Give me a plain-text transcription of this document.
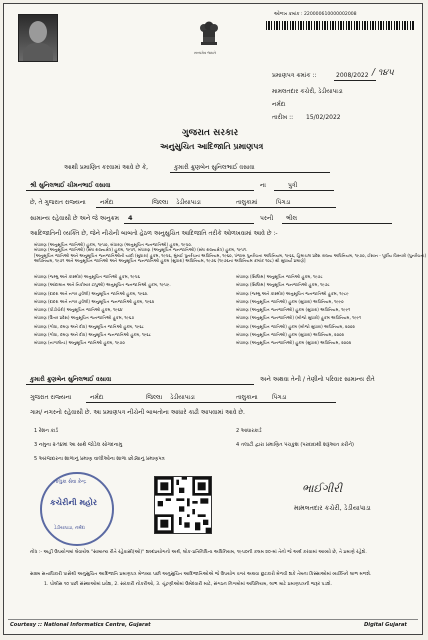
સત્યમેવ જયતે
ઓળખ ક્રમાંક : 220000610000002008
પ્રમાણપત્ર ક્રમાંક ::	2008/2022 / ૧૪૫
મામલતદાર કચેરી, ડેડીયાપાડા
નર્મદા
તારીખ :: 15/02/2022
ગુજરાત સરકાર
અનુસુચિત આદિજાતિ પ્રમાણપત્ર
આથી પ્રમાણિત કરવામાં આવે છે કે,	કુમારી ક્રુણબેન સુનિલભાઈ વસાવા
શ્રી સુનિલભાઈ ચીમનભાઈ વસાવા	ના	પુત્રી
છે, તે ગુજરાત રાજ્યના નર્મદા	જિલ્લા ડેડીયાપાડા	તાલુકામાં	પિંગડા
સામાન્ય રહેવાસી છે અને જે અનુક્રમ 4	પરની ભીલ
આદિજાતિની વ્યક્તિ છે, જેને નીચેની બાબતો હેઠળ અનુસુચિત આદિજાતિ તરીકે ઓળખવામાં આવે છે :-
બંધારણ (અનુસૂચિત જાતિઓ) હુકમ, ૧૯૫૦, બંધારણ (અનુસૂચિત જનજાતિઓ) હુકમ, ૧૯૫૦.
બંધારણ (અનુસૂચિત જાતિઓ) (સંઘ રાજ્યક્ષેત્ર) હુકમ, ૧૯૫૧, બંધારણ (અનુસૂચિત જનજાતિઓ) (સંઘ રાજ્યક્ષેત્ર) હુકમ, ૧૯૫૧.
[અનુસૂચિત જાતિઓ અને અનુસૂચિત જનજાતિઓની યાદી (સુધારા) હુકમ, ૧૯૫૬, મુંબઈ પુનર્રચના અધિનિયમ, ૧૯૬૦, પંજાબ પુનર્રચના અધિનિયમ, ૧૯૬૬, હિમાચલ પ્રદેશ રાજ્ય અધિનિયમ, ૧૯૭૦, ઈશાન - પૂર્વીય વિસ્તારો (પુનર્રચના)
અધિનિયમ, ૧૯૭૧ અને અનુસૂચિત જાતિઓ અને અનુસૂચિત જનજાતિઓ હુકમ (સુધારા) અધિનિયમ, ૧૯૭૬ (૧૯૭૬ના અધિનિયમ ક્રમાંક ૧૦૮) થી સુધાર્યા પ્રમાણે]
બંધારણ (જમ્મુ અને કાશ્મીર) અનુસૂચિત જાતિઓ હુકમ, ૧૯૫૬
બંધારણ (આંદામાન અને નિકોબાર ટાપુઓ) અનુસૂચિત જનજાતિઓ હુકમ, ૧૯૫૯.
બંધારણ (દાદરા અને નગર હવેલી) અનુસૂચિત જાતિઓ હુકમ, ૧૯૬૨.
બંધારણ (દાદરા અને નગર હવેલી) અનુસૂચિત જનજાતિઓ હુકમ, ૧૯૬૨
બંધારણ (પોંડીચેરી) અનુસૂચિત જાતિઓ હુકમ, ૧૯૬૪
બંધારણ (ઉત્તર પ્રદેશ) અનુસૂચિત જનજાતિઓ હુકમ, ૧૯૬૭
બંધારણ (ગોવા, દમણ અને દીવ) અનુસૂચિત જાતિઓ હુકમ, ૧૯૬૮
બંધારણ (ગોવા, દમણ અને દીવ) અનુસૂચિત જનજાતિઓ હુકમ, ૧૯૬૮
બંધારણ (નાગાલેન્ડ) અનુસૂચિત જાતિઓ હુકમ, ૧૯૭૦
બંધારણ (સિક્કિમ) અનુસૂચિત જાતિઓ હુકમ, ૧૯૭૮
બંધારણ (સિક્કિમ) અનુસૂચિત જનજાતિઓ હુકમ, ૧૯૭૮
બંધારણ (જમ્મુ અને કાશ્મીર) અનુસૂચિત જનજાતિઓ હુકમ, ૧૯૮૯
બંધારણ (અનુસૂચિત જાતિઓ) હુકમ (સુધારા) અધિનિયમ, ૧૯૯૦
બંધારણ (અનુસૂચિત જનજાતિઓ) હુકમ (સુધારા) અધિનિયમ, ૧૯૯૧
બંધારણ (અનુસૂચિત જનજાતિઓ) (બીજો સુધારો) હુકમ અધિનિયમ, ૧૯૯૧
બંધારણ (અનુસૂચિત જાતિઓ) હુકમ (બીજો સુધારા) અધિનિયમ, ૨૦૦૨
બંધારણ (અનુસૂચિત જાતિઓ) હુકમ (સુધારા) અધિનિયમ, ૨૦૦૨
બંધારણ (અનુસૂચિત જનજાતિઓ) હુકમ (સુધારા) અધિનિયમ, ૨૦૦૨
કુમારી ક્રુણબેન સુનિલભાઈ વસાવા	અને અથવા તેની / તેણીનો પરિવાર સામાન્ય રીતે
ગુજરાત રાજ્યના	નર્મદા	જિલ્લા ડેડીયાપાડા	તાલુકાના પિંગડા
ગામ/ નગરનો રહેવાસી છે. આ પ્રમાણપત્ર નીચેની બાબતોના આધારે કાઢી આપવામાં આવે છે.
1 રેશન કાર્ડ	2 આધારકાર્ડ
3 નમુના ૨-૧૪માં આ સાથે જોડેલ સોગંદનામુ	4 તલાટી દ્વારા પ્રમાણિત પંચકુશ (પરદાદાથી શરૂઆત કરીને)
5 અરજદારના શાળાનું પ્રમાણ વાલીઓના શાળા છોડ્યાનું પ્રમાણપત્ર
તાલુકા સેવા કેન્દ્ર
કચેરીની મહોર
ડેડીયાપાડા, નર્મદા
ભાઈગીરી
મામલતદાર કચેરી, ડેડીયાપાડા
નોંધ :- અહીં ઉપયોગમાં લેવાયેલ "સામાન્ય રીતે રહેવાસી(ઓ)" શબ્દપ્રયોગનો અર્થ, લોક-પ્રતિનિધિત્વ અધિનિયમ, ૧૯૫૦ની કલમ ૨૦-માં તેનો જે અર્થ કરવામાં આવ્યો છે, તે પ્રમાણે રહેશે.
સક્ષમ સત્તાધિકારી પાસેથી અનુસુચિત આદિજાતિ પ્રમાણપત્ર મેળવ્યા પછી અનુસુચિત આદિજાતિઓએ જે ઉપયોગ વગર અથવા છુટકારો મેળવી શકે તેમના કિસ્સાઓમાં વ્યક્તિને લાભ મળશે.
1. પોલીસ ૧૦ પછી સંસ્થાઓમાં પ્રવેશ, 2. સરકારી નોકરીઓ, 3. ચૂંટણીઓમાં ઉમેદવારી માટે, સંગઠન નિગમોમાં અધિનિયમ, લાભ માટે પ્રમાણપત્રની જરૂર પડશે.
Courtesy :: National Informatics Centre, Gujarat	Digital Gujarat
